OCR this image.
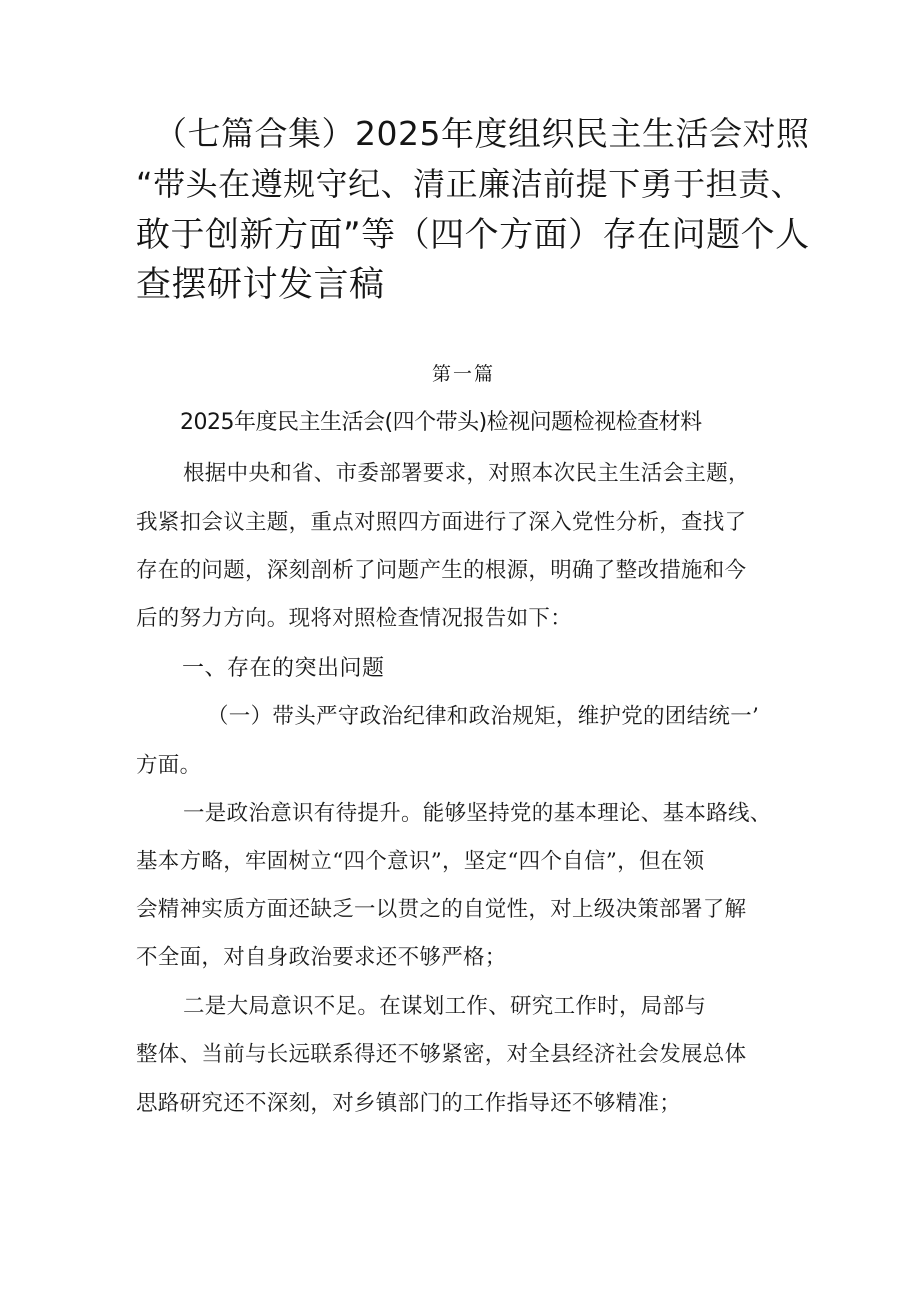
（七篇合集）2025年度组织民主生活会对照
“带头在遵规守纪、清正廉洁前提下勇于担责、
敢于创新方面”等（四个方面）存在问题个人
查摆研讨发言稿
第一篇
2025年度民主生活会(四个带头)检视问题检视检查材料
根据中央和省、市委部署要求，对照本次民主生活会主题，
我紧扣会议主题，重点对照四方面进行了深入党性分析，查找了
存在的问题，深刻剖析了问题产生的根源，明确了整改措施和今
后的努力方向。现将对照检查情况报告如下：
一、存在的突出问题
（一）带头严守政治纪律和政治规矩，维护党的团结统一’
方面。
一是政治意识有待提升。能够坚持党的基本理论、基本路线、
基本方略，牢固树立“四个意识”，坚定“四个自信”，但在领
会精神实质方面还缺乏一以贯之的自觉性，对上级决策部署了解
不全面，对自身政治要求还不够严格；
二是大局意识不足。在谋划工作、研究工作时，局部与
整体、当前与长远联系得还不够紧密，对全县经济社会发展总体
思路研究还不深刻，对乡镇部门的工作指导还不够精准；
